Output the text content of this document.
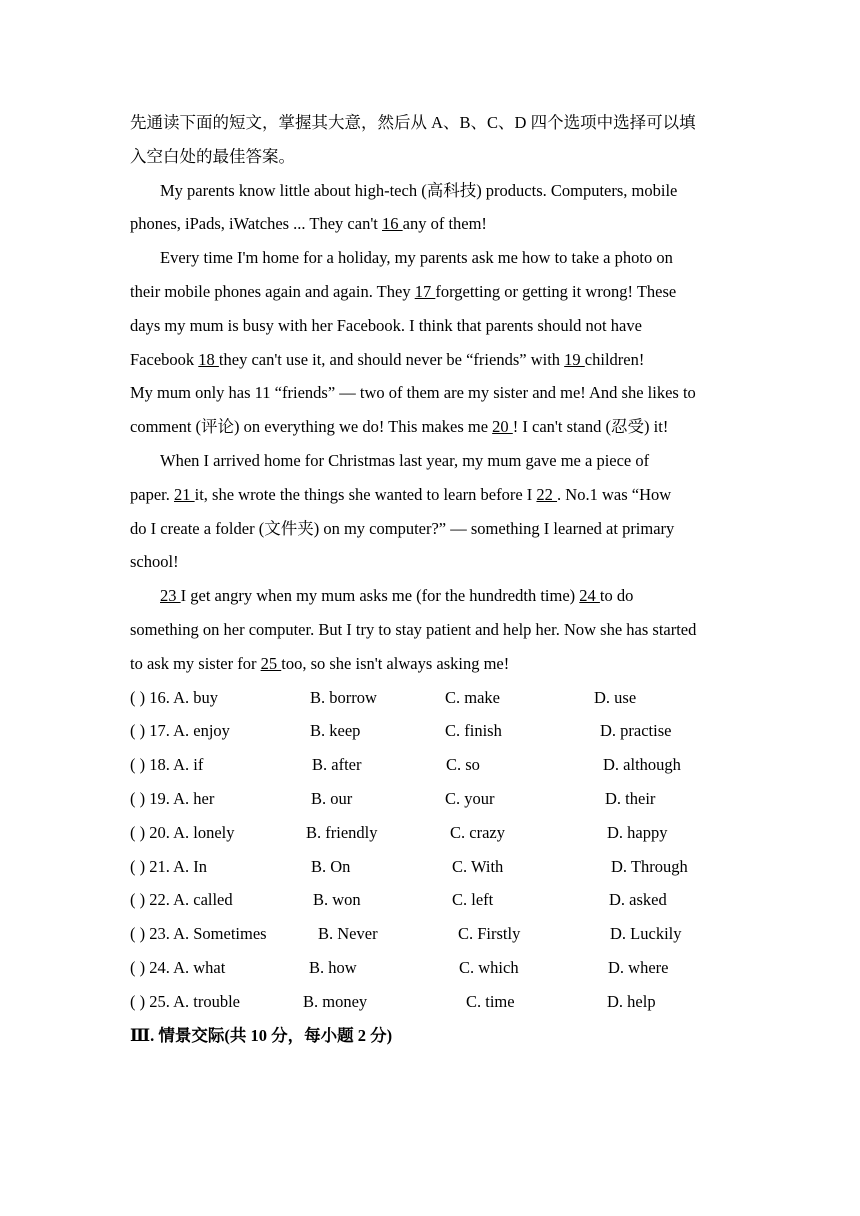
先通读下面的短文，掌握其大意，然后从 A、B、C、D 四个选项中选择可以填
入空白处的最佳答案。
My parents know little about high-tech (高科技) products. Computers, mobile
phones, iPads, iWatches ... They can't 16 any of them!
Every time I'm home for a holiday, my parents ask me how to take a photo on
their mobile phones again and again. They 17 forgetting or getting it wrong! These
days my mum is busy with her Facebook. I think that parents should not have
Facebook 18 they can't use it, and should never be “friends” with 19 children!
My mum only has 11 “friends” — two of them are my sister and me! And she likes to
comment (评论) on everything we do! This makes me 20 ! I can't stand (忍受) it!
When I arrived home for Christmas last year, my mum gave me a piece of
paper. 21 it, she wrote the things she wanted to learn before I 22 . No.1 was “How
do I create a folder (文件夹) on my computer?” — something I learned at primary
school!
23 I get angry when my mum asks me (for the hundredth time) 24 to do
something on her computer. But I try to stay patient and help her. Now she has started
to ask my sister for 25 too, so she isn't always asking me!
( ) 16. A. buy	B. borrow	C. make	D. use
( ) 17. A. enjoy	B. keep	C. finish	D. practise
( ) 18. A. if	B. after	C. so	D. although
( ) 19. A. her	B. our	C. your	D. their
( ) 20. A. lonely	B. friendly	C. crazy	D. happy
( ) 21. A. In	B. On	C. With	D. Through
( ) 22. A. called	B. won	C. left	D. asked
( ) 23. A. Sometimes	B. Never	C. Firstly	D. Luckily
( ) 24. A. what	B. how	C. which	D. where
( ) 25. A. trouble	B. money	C. time	D. help
Ⅲ. 情景交际(共 10 分，每小题 2 分)
